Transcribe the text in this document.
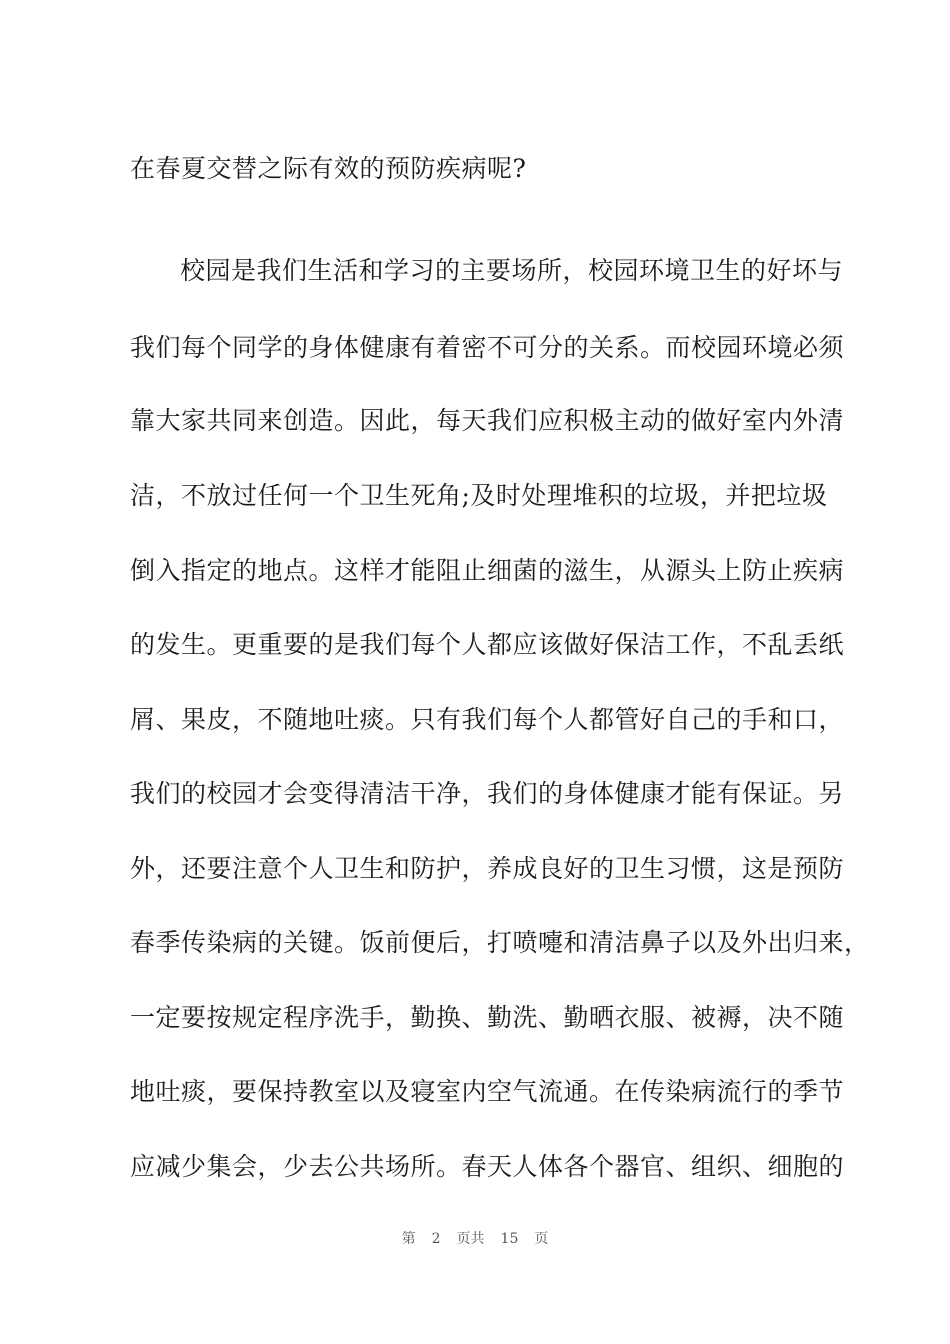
在春夏交替之际有效的预防疾病呢?
校园是我们生活和学习的主要场所，校园环境卫生的好坏与
我们每个同学的身体健康有着密不可分的关系。而校园环境必须
靠大家共同来创造。因此，每天我们应积极主动的做好室内外清
洁，不放过任何一个卫生死角;及时处理堆积的垃圾，并把垃圾
倒入指定的地点。这样才能阻止细菌的滋生，从源头上防止疾病
的发生。更重要的是我们每个人都应该做好保洁工作，不乱丢纸
屑、果皮，不随地吐痰。只有我们每个人都管好自己的手和口，
我们的校园才会变得清洁干净，我们的身体健康才能有保证。另
外，还要注意个人卫生和防护，养成良好的卫生习惯，这是预防
春季传染病的关键。饭前便后，打喷嚏和清洁鼻子以及外出归来，
一定要按规定程序洗手，勤换、勤洗、勤晒衣服、被褥，决不随
地吐痰，要保持教室以及寝室内空气流通。在传染病流行的季节
应减少集会，少去公共场所。春天人体各个器官、组织、细胞的
第 2 页共 15 页
